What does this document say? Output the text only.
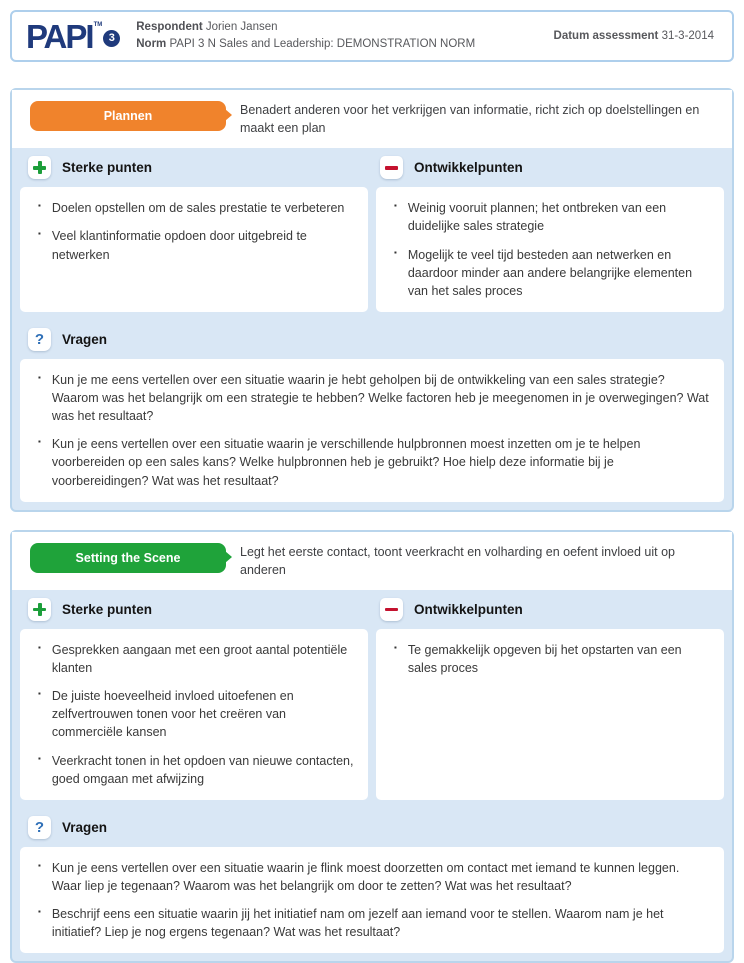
PAPI TM
3
Respondent Jorien Jansen
Norm PAPI 3 N Sales and Leadership: DEMONSTRATION NORM
Datum assessment 31-3-2014
Plannen	Benadert anderen voor het verkrijgen van informatie, richt zich op doelstellingen en maakt een plan
Sterke punten	Ontwikkelpunten
▪ Doelen opstellen om de sales prestatie te verbeteren
▪ Veel klantinformatie opdoen door uitgebreid te netwerken
▪ Weinig vooruit plannen; het ontbreken van een duidelijke sales strategie
▪ Mogelijk te veel tijd besteden aan netwerken en daardoor minder aan andere belangrijke elementen van het sales proces
? Vragen
▪ Kun je me eens vertellen over een situatie waarin je hebt geholpen bij de ontwikkeling van een sales strategie? Waarom was het belangrijk om een strategie te hebben? Welke factoren heb je meegenomen in je overwegingen? Wat was het resultaat?
▪ Kun je eens vertellen over een situatie waarin je verschillende hulpbronnen moest inzetten om je te helpen voorbereiden op een sales kans? Welke hulpbronnen heb je gebruikt? Hoe hielp deze informatie bij je voorbereidingen? Wat was het resultaat?
Setting the Scene	Legt het eerste contact, toont veerkracht en volharding en oefent invloed uit op anderen
Sterke punten	Ontwikkelpunten
▪ Gesprekken aangaan met een groot aantal potentiële klanten
▪ De juiste hoeveelheid invloed uitoefenen en zelfvertrouwen tonen voor het creëren van commerciële kansen
▪ Veerkracht tonen in het opdoen van nieuwe contacten, goed omgaan met afwijzing
▪ Te gemakkelijk opgeven bij het opstarten van een sales proces
? Vragen
▪ Kun je eens vertellen over een situatie waarin je flink moest doorzetten om contact met iemand te kunnen leggen. Waar liep je tegenaan? Waarom was het belangrijk om door te zetten? Wat was het resultaat?
▪ Beschrijf eens een situatie waarin jij het initiatief nam om jezelf aan iemand voor te stellen. Waarom nam je het initiatief? Liep je nog ergens tegenaan? Wat was het resultaat?
